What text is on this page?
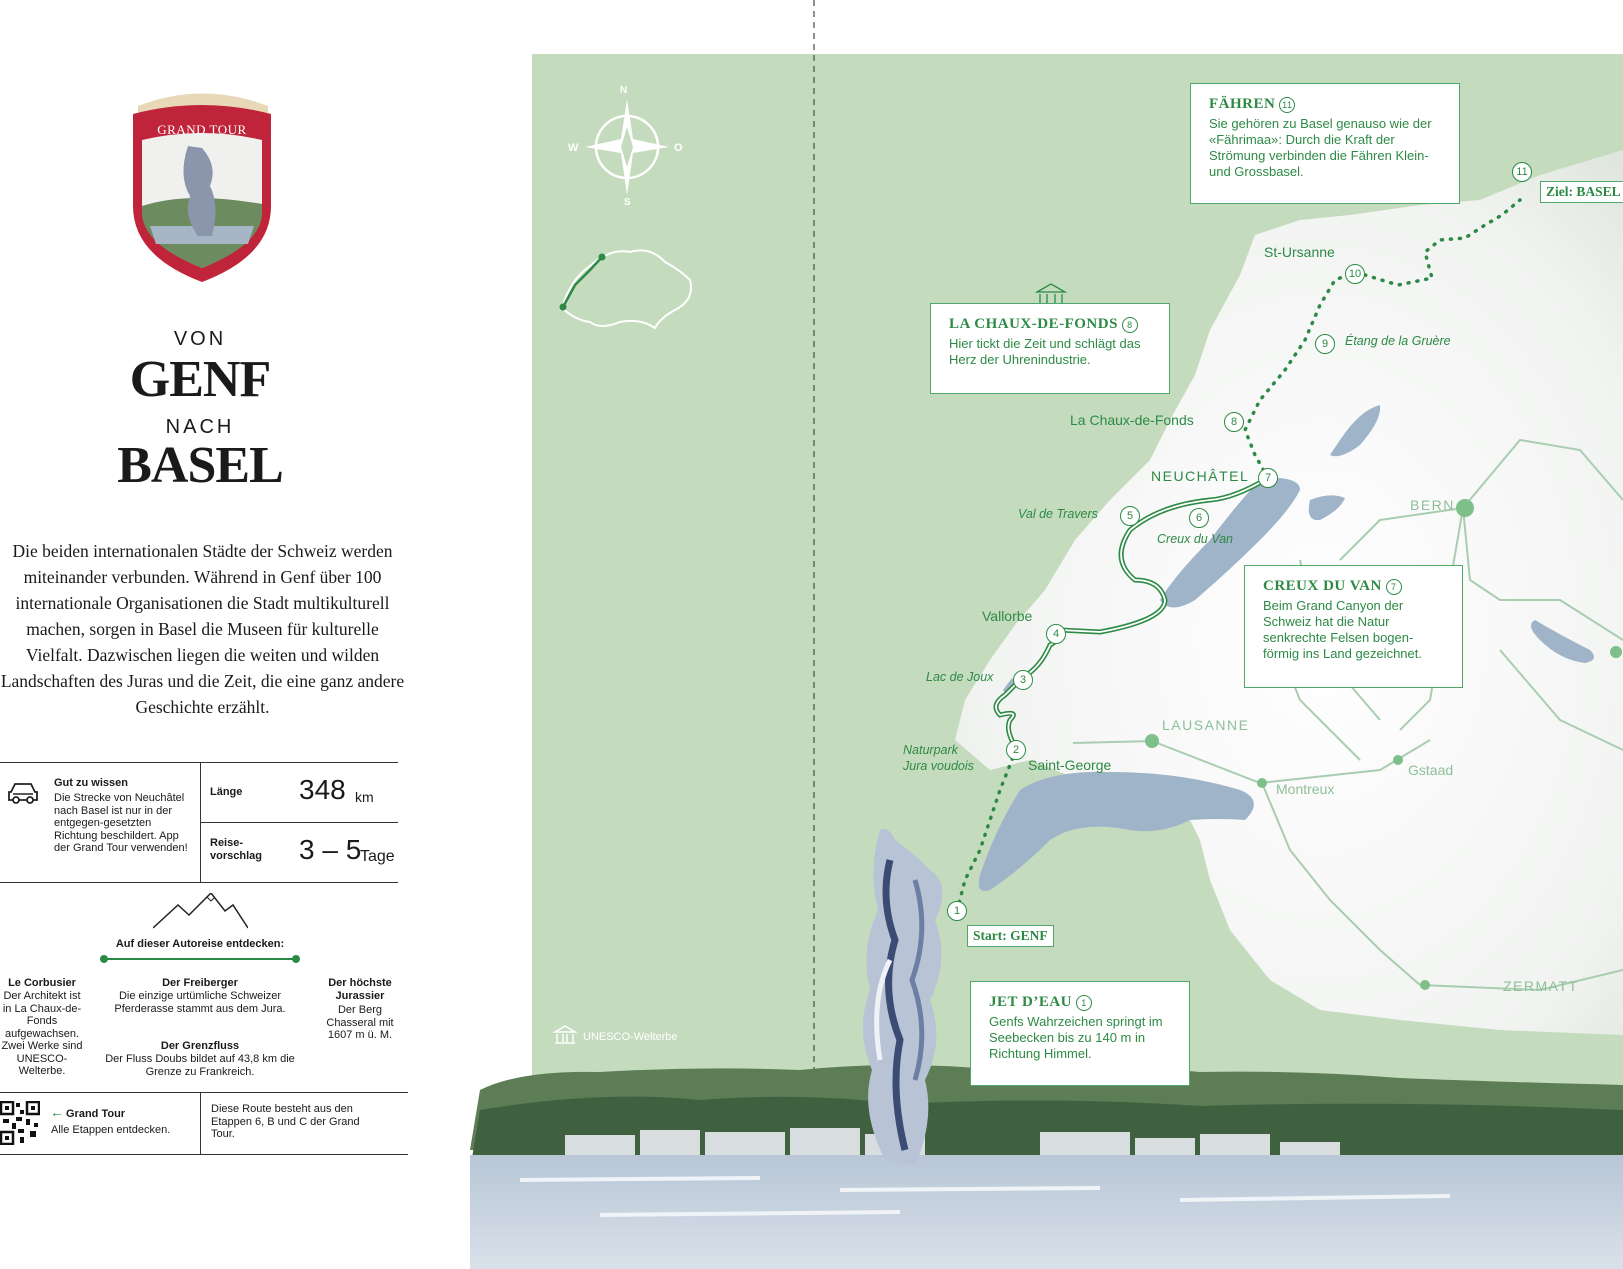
GRAND TOUR
VON
GENF
NACH
BASEL
Die beiden internationalen Städte der Schweiz werden miteinander verbunden. Während in Genf über 100 internationale Organisationen die Stadt multikulturell machen, sorgen in Basel die Museen für kulturelle Vielfalt. Dazwischen liegen die weiten und wilden Landschaften des Juras und die Zeit, die eine ganz andere Geschichte erzählt.
Gut zu wissen
Die Strecke von Neuchâtel nach Basel ist nur in der entgegen-gesetzten Richtung beschildert. App der Grand Tour verwenden!
Länge 348 km
Reise-vorschlag 3 – 5
Tage
Auf dieser Autoreise entdecken:
Le Corbusier
Der Architekt ist in La Chaux-de-Fonds aufgewachsen. Zwei Werke sind UNESCO-Welterbe.
Der Freiberger
Die einzige urtümliche Schweizer Pferderasse stammt aus dem Jura.
Der höchste Jurassier
Der Berg Chasseral mit 1607 m ü. M.
Der Grenzfluss
Der Fluss Doubs bildet auf 43,8 km die Grenze zu Frankreich.
← Grand Tour
Alle Etappen entdecken.
Diese Route besteht aus den Etappen 6, B und C der Grand Tour.
N
W	O
S
UNESCO-Welterbe
FÄHREN 11
Sie gehören zu Basel genauso wie der «Fährimaa»: Durch die Kraft der Strömung verbinden die Fähren Klein- und Grossbasel.
LA CHAUX-DE-FONDS 8
Hier tickt die Zeit und schlägt das Herz der Uhrenindustrie.
CREUX DU VAN 7
Beim Grand Canyon der Schweiz hat die Natur senkrechte Felsen bogen-förmig ins Land gezeichnet.
JET D’EAU 1
Genfs Wahrzeichen springt im Seebecken bis zu 140 m in Richtung Himmel.
Start: GENF
Ziel: BASEL
St-Ursanne
Étang de la Gruère
La Chaux-de-Fonds
NEUCHÂTEL
Val de Travers
Creux du Van
BERN
Vallorbe
Lac de Joux
LAUSANNE
Naturpark
Jura voudois	Saint-George	Gstaad
Montreux
ZERMATT
1
2
3
4
5	6
7
8
9
10
11
